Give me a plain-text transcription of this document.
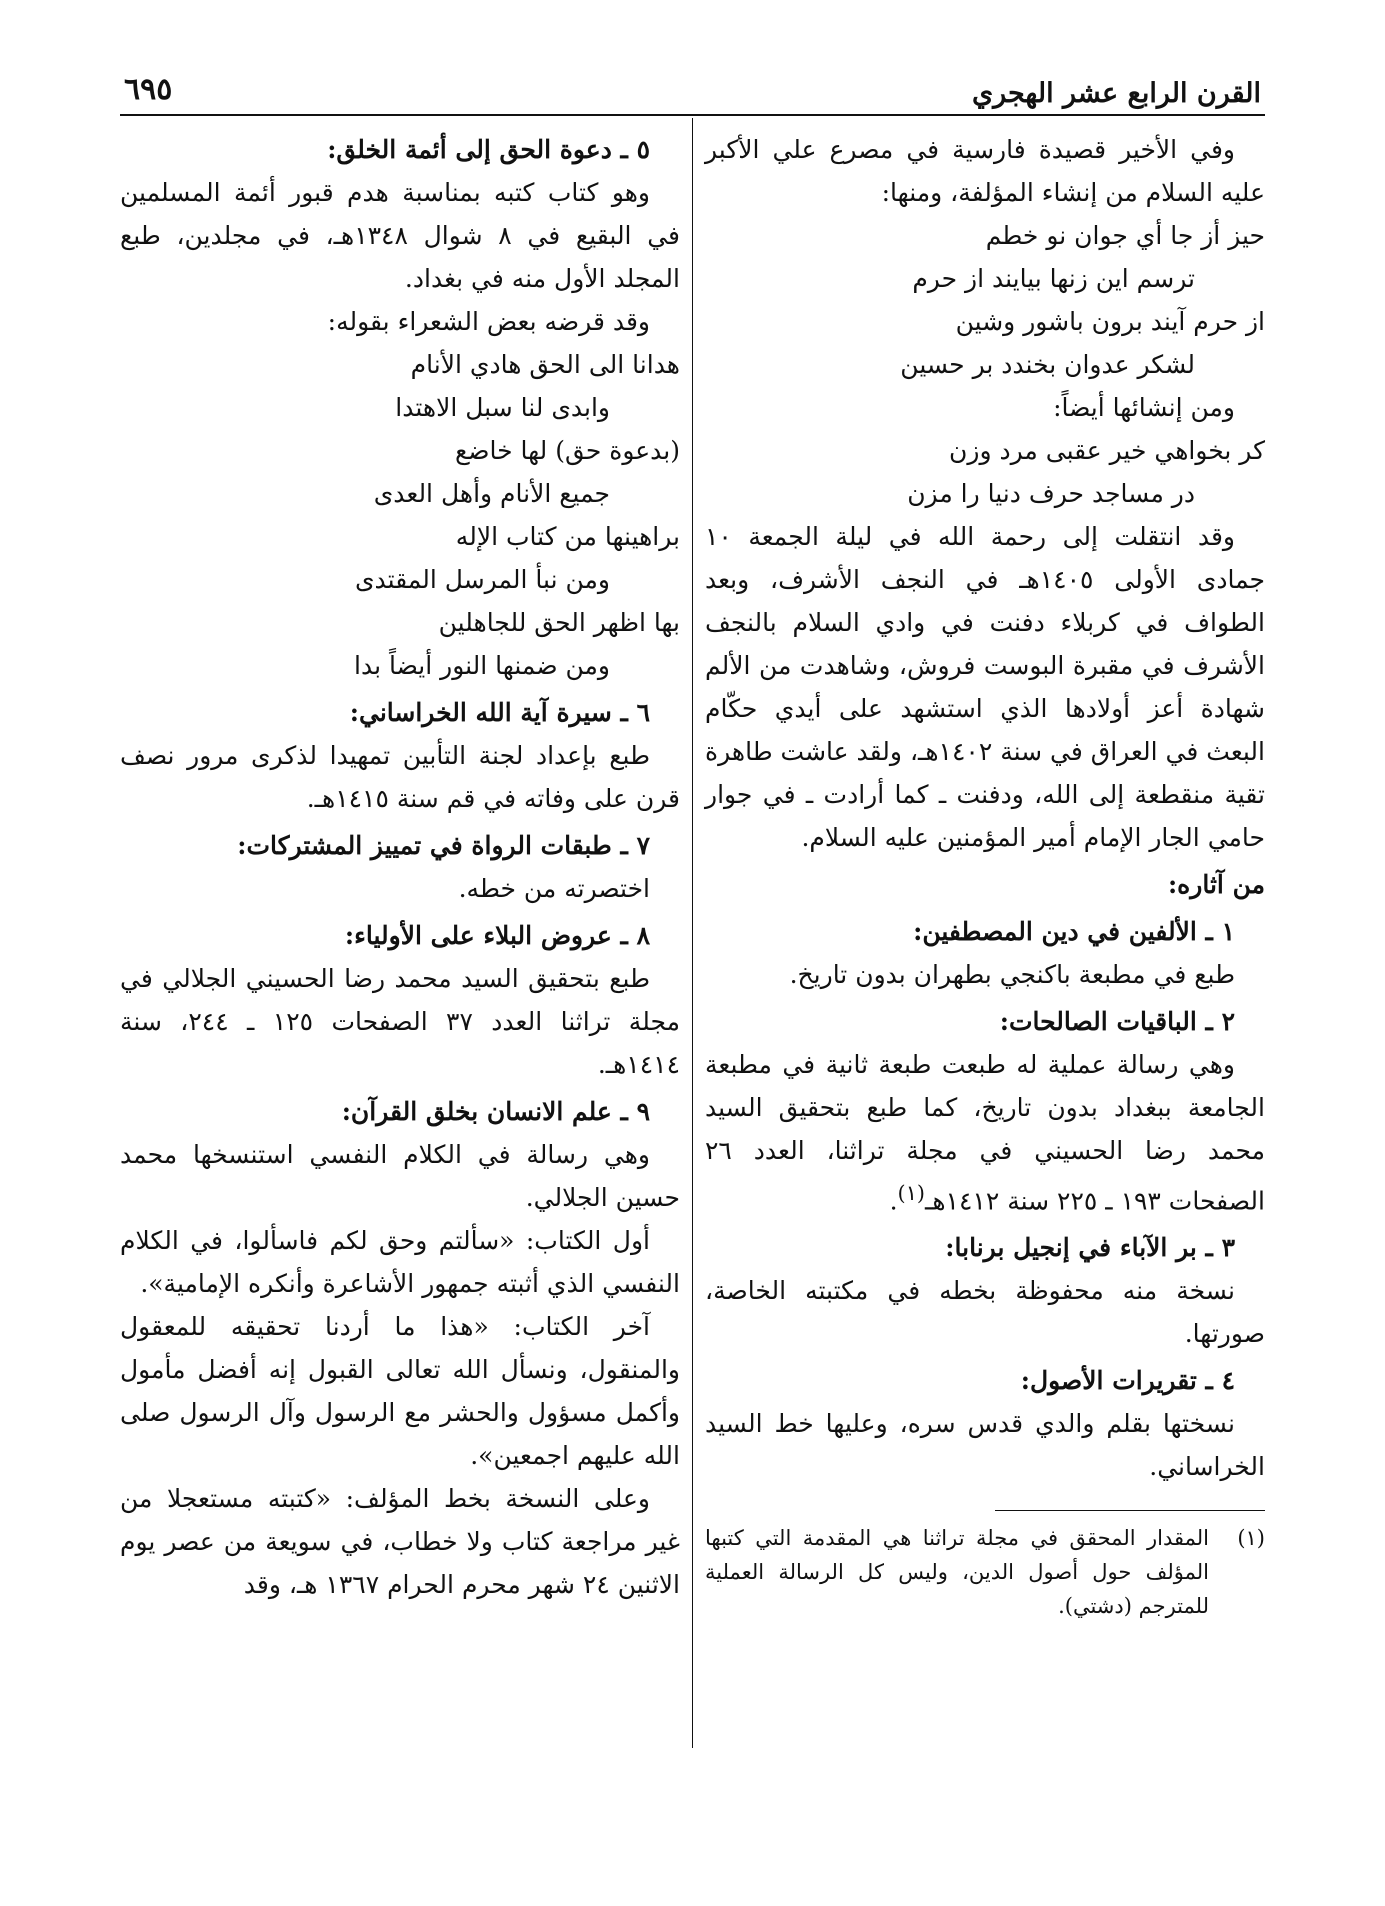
القرن الرابع عشر الهجري
٦٩٥

وفي الأخير قصيدة فارسية في مصرع علي الأكبر عليه السلام من إنشاء المؤلفة، ومنها:

حيز أز جا أي جوان نو خطم
ترسم اين زنها بيايند از حرم
از حرم آيند برون باشور وشين
لشكر عدوان بخندد بر حسين

ومن إنشائها أيضاً:

كر بخواهي خير عقبى مرد وزن
در مساجد حرف دنيا را مزن

وقد انتقلت إلى رحمة الله في ليلة الجمعة ١٠ جمادى الأولى ١٤٠٥هـ في النجف الأشرف، وبعد الطواف في كربلاء دفنت في وادي السلام بالنجف الأشرف في مقبرة البوست فروش، وشاهدت من الألم شهادة أعز أولادها الذي استشهد على أيدي حكّام البعث في العراق في سنة ١٤٠٢هـ، ولقد عاشت طاهرة تقية منقطعة إلى الله، ودفنت ـ كما أرادت ـ في جوار حامي الجار الإمام أمير المؤمنين عليه السلام.

من آثاره:

١ ـ الألفين في دين المصطفين:

طبع في مطبعة باكنجي بطهران بدون تاريخ.

٢ ـ الباقيات الصالحات:

وهي رسالة عملية له طبعت طبعة ثانية في مطبعة الجامعة ببغداد بدون تاريخ، كما طبع بتحقيق السيد محمد رضا الحسيني في مجلة تراثنا، العدد ٢٦ الصفحات ١٩٣ ـ ٢٢٥ سنة ١٤١٢هـ$^{(١)}$.

٣ ـ بر الآباء في إنجيل برنابا:

نسخة منه محفوظة بخطه في مكتبته الخاصة، صورتها.

٤ ـ تقريرات الأصول:

نسختها بقلم والدي قدس سره، وعليها خط السيد الخراساني.

(١)
المقدار المحقق في مجلة تراثنا هي المقدمة التي كتبها المؤلف حول أصول الدين، وليس كل الرسالة العملية للمترجم (دشتي).

٥ ـ دعوة الحق إلى أئمة الخلق:

وهو كتاب كتبه بمناسبة هدم قبور أئمة المسلمين في البقيع في ٨ شوال ١٣٤٨هـ، في مجلدين، طبع المجلد الأول منه في بغداد.

وقد قرضه بعض الشعراء بقوله:

هدانا الى الحق هادي الأنام
وابدى لنا سبل الاهتدا
(بدعوة حق) لها خاضع
جميع الأنام وأهل العدى
براهينها من كتاب الإله
ومن نبأ المرسل المقتدى
بها اظهر الحق للجاهلين
ومن ضمنها النور أيضاً بدا

٦ ـ سيرة آية الله الخراساني:

طبع بإعداد لجنة التأبين تمهيدا لذكرى مرور نصف قرن على وفاته في قم سنة ١٤١٥هـ.

٧ ـ طبقات الرواة في تمييز المشتركات:

اختصرته من خطه.

٨ ـ عروض البلاء على الأولياء:

طبع بتحقيق السيد محمد رضا الحسيني الجلالي في مجلة تراثنا العدد ٣٧ الصفحات ١٢٥ ـ ٢٤٤، سنة ١٤١٤هـ.

٩ ـ علم الانسان بخلق القرآن:

وهي رسالة في الكلام النفسي استنسخها محمد حسين الجلالي.

أول الكتاب: «سألتم وحق لكم فاسألوا، في الكلام النفسي الذي أثبته جمهور الأشاعرة وأنكره الإمامية».

آخر الكتاب: «هذا ما أردنا تحقيقه للمعقول والمنقول، ونسأل الله تعالى القبول إنه أفضل مأمول وأكمل مسؤول والحشر مع الرسول وآل الرسول صلى الله عليهم اجمعين».

وعلى النسخة بخط المؤلف: «كتبته مستعجلا من غير مراجعة كتاب ولا خطاب، في سويعة من عصر يوم الاثنين ٢٤ شهر محرم الحرام ١٣٦٧ هـ، وقد
